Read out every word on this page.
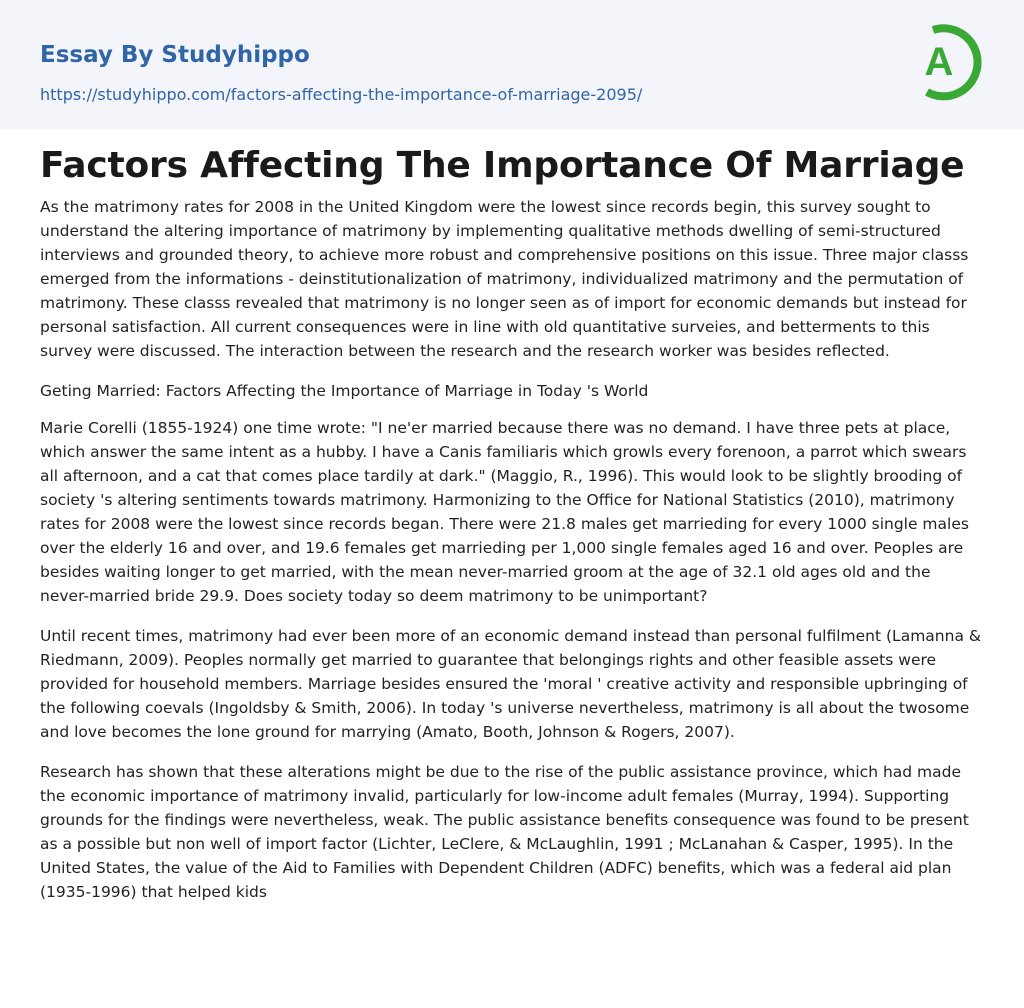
Essay By Studyhippo
https://studyhippo.com/factors-affecting-the-importance-of-marriage-2095/
A
Factors Affecting The Importance Of Marriage

As the matrimony rates for 2008 in the United Kingdom were the lowest since records begin, this survey sought to understand the altering importance of matrimony by implementing qualitative methods dwelling of semi-structured interviews and grounded theory, to achieve more robust and comprehensive positions on this issue. Three major classs emerged from the informations - deinstitutionalization of matrimony, individualized matrimony and the permutation of matrimony. These classs revealed that matrimony is no longer seen as of import for economic demands but instead for personal satisfaction. All current consequences were in line with old quantitative surveies, and betterments to this survey were discussed. The interaction between the research and the research worker was besides reflected.

Geting Married: Factors Affecting the Importance of Marriage in Today 's World

Marie Corelli (1855-1924) one time wrote: "I ne'er married because there was no demand. I have three pets at place, which answer the same intent as a hubby. I have a Canis familiaris which growls every forenoon, a parrot which swears all afternoon, and a cat that comes place tardily at dark." (Maggio, R., 1996). This would look to be slightly brooding of society 's altering sentiments towards matrimony. Harmonizing to the Office for National Statistics (2010), matrimony rates for 2008 were the lowest since records began. There were 21.8 males get marrieding for every 1000 single males over the elderly 16 and over, and 19.6 females get marrieding per 1,000 single females aged 16 and over. Peoples are besides waiting longer to get married, with the mean never-married groom at the age of 32.1 old ages old and the never-married bride 29.9. Does society today so deem matrimony to be unimportant?

Until recent times, matrimony had ever been more of an economic demand instead than personal fulfilment (Lamanna & Riedmann, 2009). Peoples normally get married to guarantee that belongings rights and other feasible assets were provided for household members. Marriage besides ensured the 'moral ' creative activity and responsible upbringing of the following coevals (Ingoldsby & Smith, 2006). In today 's universe nevertheless, matrimony is all about the twosome and love becomes the lone ground for marrying (Amato, Booth, Johnson & Rogers, 2007).

Research has shown that these alterations might be due to the rise of the public assistance province, which had made the economic importance of matrimony invalid, particularly for low-income adult females (Murray, 1994). Supporting grounds for the findings were nevertheless, weak. The public assistance benefits consequence was found to be present as a possible but non well of import factor (Lichter, LeClere, & McLaughlin, 1991 ; McLanahan & Casper, 1995). In the United States, the value of the Aid to Families with Dependent Children (ADFC) benefits, which was a federal aid plan (1935-1996) that helped kids
